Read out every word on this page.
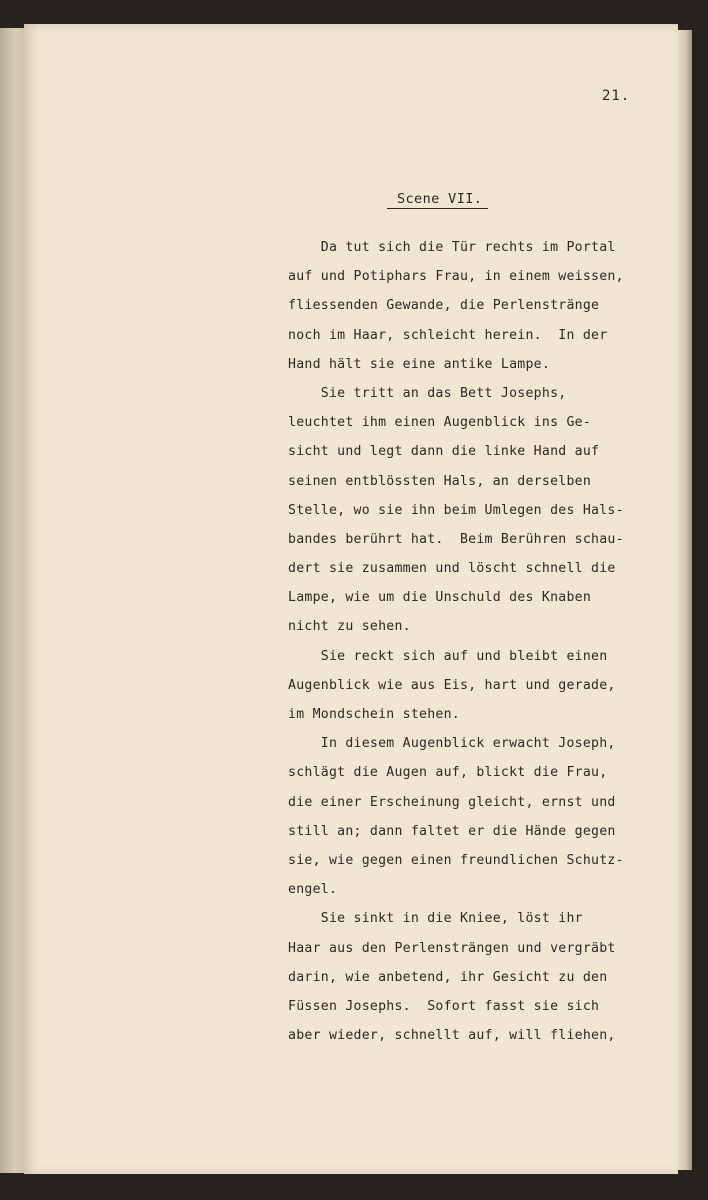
21.
Scene VII.
Da tut sich die Tür rechts im Portal
auf und Potiphars Frau, in einem weissen,
fliessenden Gewande, die Perlenstränge
noch im Haar, schleicht herein.  In der
Hand hält sie eine antike Lampe.
Sie tritt an das Bett Josephs,
leuchtet ihm einen Augenblick ins Ge-
sicht und legt dann die linke Hand auf
seinen entblössten Hals, an derselben
Stelle, wo sie ihn beim Umlegen des Hals-
bandes berührt hat.  Beim Berühren schau-
dert sie zusammen und löscht schnell die
Lampe, wie um die Unschuld des Knaben
nicht zu sehen.
Sie reckt sich auf und bleibt einen
Augenblick wie aus Eis, hart und gerade,
im Mondschein stehen.
In diesem Augenblick erwacht Joseph,
schlägt die Augen auf, blickt die Frau,
die einer Erscheinung gleicht, ernst und
still an; dann faltet er die Hände gegen
sie, wie gegen einen freundlichen Schutz-
engel.
Sie sinkt in die Kniee, löst ihr
Haar aus den Perlensträngen und vergräbt
darin, wie anbetend, ihr Gesicht zu den
Füssen Josephs.  Sofort fasst sie sich
aber wieder, schnellt auf, will fliehen,
